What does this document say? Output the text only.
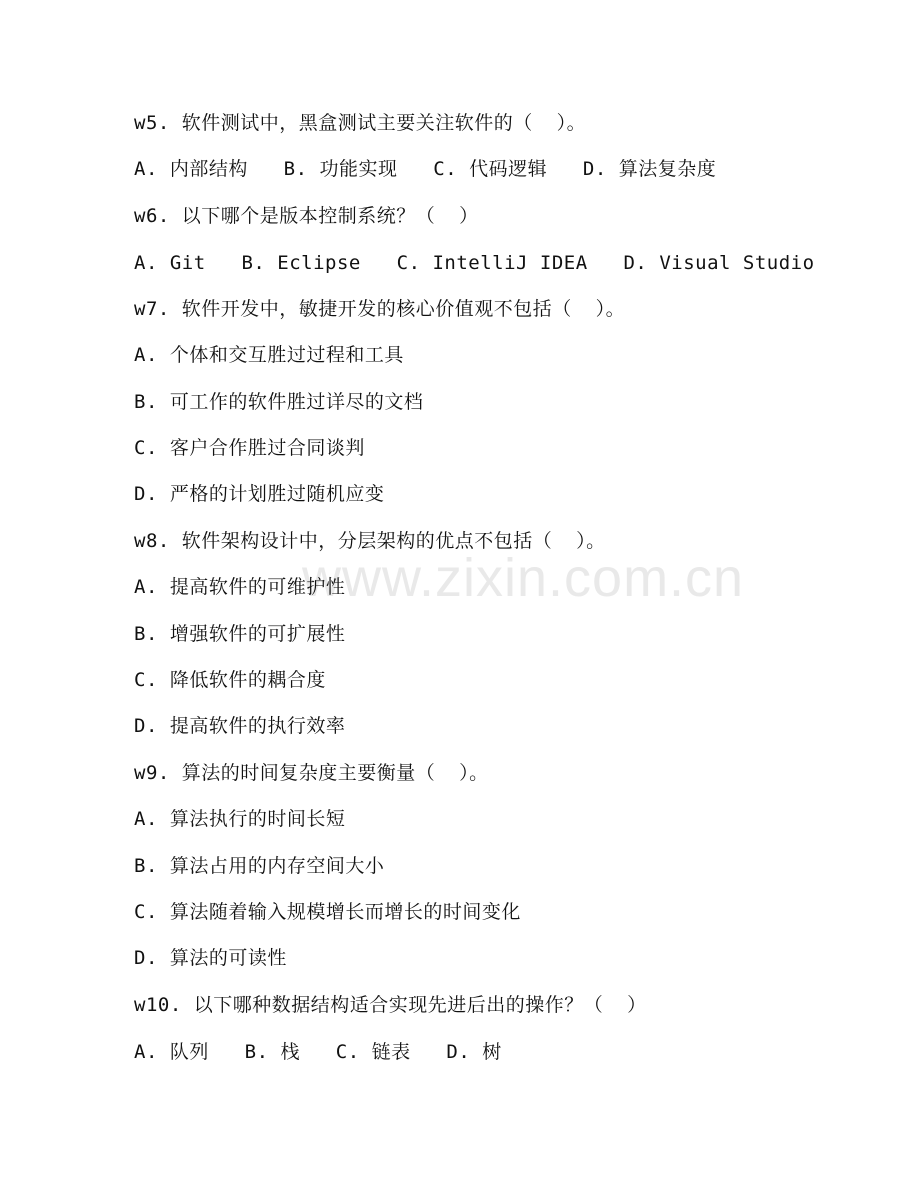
www.zixin.com.cn
w5. 软件测试中，黑盒测试主要关注软件的（  ）。
A. 内部结构   B. 功能实现   C. 代码逻辑   D. 算法复杂度
w6. 以下哪个是版本控制系统？（  ）
A. Git   B. Eclipse   C. IntelliJ IDEA   D. Visual Studio
w7. 软件开发中，敏捷开发的核心价值观不包括（  ）。
A. 个体和交互胜过过程和工具
B. 可工作的软件胜过详尽的文档
C. 客户合作胜过合同谈判
D. 严格的计划胜过随机应变
w8. 软件架构设计中，分层架构的优点不包括（  ）。
A. 提高软件的可维护性
B. 增强软件的可扩展性
C. 降低软件的耦合度
D. 提高软件的执行效率
w9. 算法的时间复杂度主要衡量（  ）。
A. 算法执行的时间长短
B. 算法占用的内存空间大小
C. 算法随着输入规模增长而增长的时间变化
D. 算法的可读性
w10. 以下哪种数据结构适合实现先进后出的操作？（  ）
A. 队列   B. 栈   C. 链表   D. 树
